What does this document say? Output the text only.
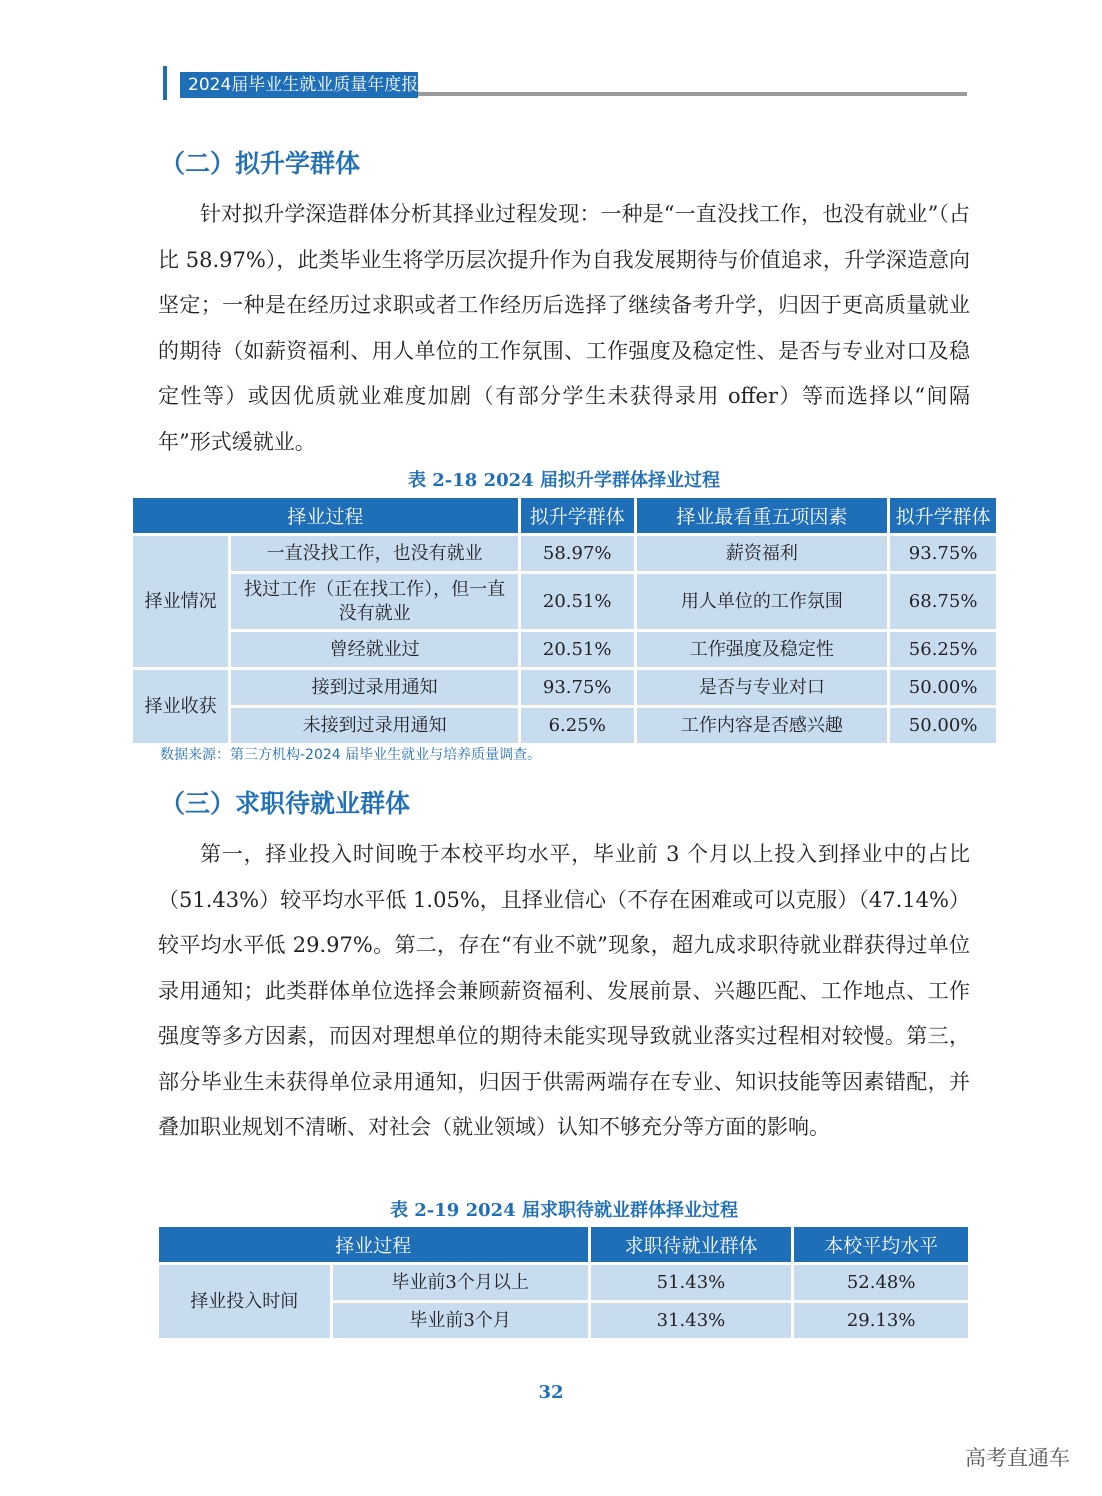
2024届毕业生就业质量年度报告
（二）拟升学群体

针对拟升学深造群体分析其择业过程发现：一种是“一直没找工作，也没有就业”（占比 58.97%），此类毕业生将学历层次提升作为自我发展期待与价值追求，升学深造意向坚定；一种是在经历过求职或者工作经历后选择了继续备考升学，归因于更高质量就业的期待（如薪资福利、用人单位的工作氛围、工作强度及稳定性、是否与专业对口及稳定性等）或因优质就业难度加剧（有部分学生未获得录用 offer）等而选择以“间隔年”形式缓就业。

表 2-18 2024 届拟升学群体择业过程
择业过程		拟升学群体	择业最看重五项因素	拟升学群体
择业情况	一直没找工作，也没有就业	58.97%	薪资福利	93.75%
	找过工作（正在找工作），但一直没有就业	20.51%	用人单位的工作氛围	68.75%
	曾经就业过	20.51%	工作强度及稳定性	56.25%
择业收获	接到过录用通知	93.75%	是否与专业对口	50.00%
	未接到过录用通知	6.25%	工作内容是否感兴趣	50.00%
数据来源：第三方机构-2024 届毕业生就业与培养质量调查。
（三）求职待就业群体

第一，择业投入时间晚于本校平均水平，毕业前 3 个月以上投入到择业中的占比（51.43%）较平均水平低 1.05%，且择业信心（不存在困难或可以克服）（47.14%）较平均水平低 29.97%。第二，存在“有业不就”现象，超九成求职待就业群获得过单位录用通知；此类群体单位选择会兼顾薪资福利、发展前景、兴趣匹配、工作地点、工作强度等多方因素，而因对理想单位的期待未能实现导致就业落实过程相对较慢。第三，部分毕业生未获得单位录用通知，归因于供需两端存在专业、知识技能等因素错配，并叠加职业规划不清晰、对社会（就业领域）认知不够充分等方面的影响。

表 2-19 2024 届求职待就业群体择业过程
择业过程		求职待就业群体	本校平均水平
择业投入时间	毕业前3个月以上	51.43%	52.48%
	毕业前3个月	31.43%	29.13%
32
高考直通车
